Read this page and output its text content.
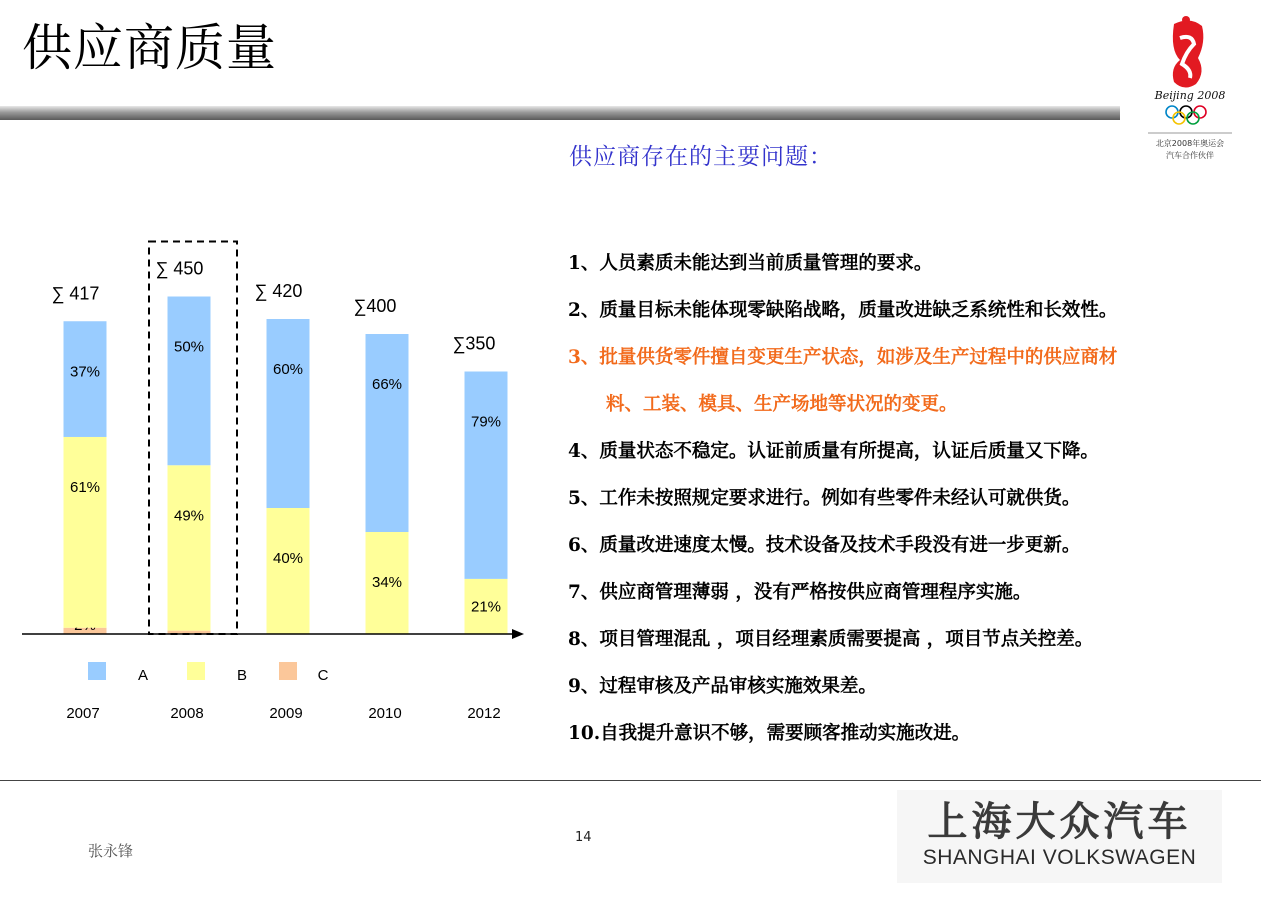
供应商质量
Beijing 2008
北京2008年奥运会
汽车合作伙伴
61%
37%
∑ 417
2007
49%
50%
∑ 450
2008
40%
60%
∑ 420
2009
34%
66%
∑400
2010
21%
79%
∑350
2012
A	B	C
供应商存在的主要问题：
1、人员素质未能达到当前质量管理的要求。
2、质量目标未能体现零缺陷战略，质量改进缺乏系统性和长效性。
3、批量供货零件擅自变更生产状态，如涉及生产过程中的供应商材
料、工装、模具、生产场地等状况的变更。
4、质量状态不稳定。认证前质量有所提高，认证后质量又下降。
5、工作未按照规定要求进行。例如有些零件未经认可就供货。
6、质量改进速度太慢。技术设备及技术手段没有进一步更新。
7、供应商管理薄弱 ，没有严格按供应商管理程序实施。
8、项目管理混乱 ，项目经理素质需要提高 ，项目节点关控差。
9、过程审核及产品审核实施效果差。
10.自我提升意识不够，需要顾客推动实施改进。
张永锋
14	上海大众汽车
SHANGHAI VOLKSWAGEN
